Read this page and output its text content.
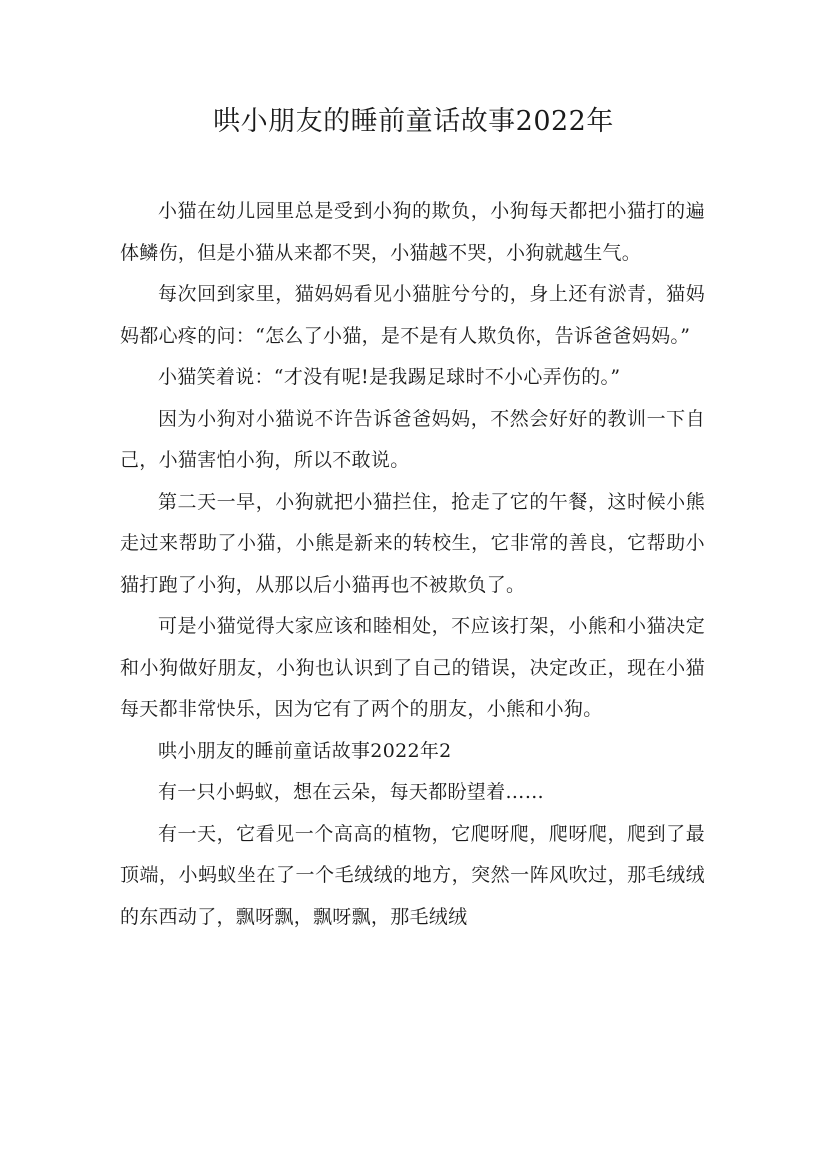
哄小朋友的睡前童话故事2022年

小猫在幼儿园里总是受到小狗的欺负，小狗每天都把小猫打的遍体鳞伤，但是小猫从来都不哭，小猫越不哭，小狗就越生气。

每次回到家里，猫妈妈看见小猫脏兮兮的，身上还有淤青，猫妈妈都心疼的问：“怎么了小猫，是不是有人欺负你，告诉爸爸妈妈。”

小猫笑着说：“才没有呢!是我踢足球时不小心弄伤的。”

因为小狗对小猫说不许告诉爸爸妈妈，不然会好好的教训一下自己，小猫害怕小狗，所以不敢说。

第二天一早，小狗就把小猫拦住，抢走了它的午餐，这时候小熊走过来帮助了小猫，小熊是新来的转校生，它非常的善良，它帮助小猫打跑了小狗，从那以后小猫再也不被欺负了。

可是小猫觉得大家应该和睦相处，不应该打架，小熊和小猫决定和小狗做好朋友，小狗也认识到了自己的错误，决定改正，现在小猫每天都非常快乐，因为它有了两个的朋友，小熊和小狗。

哄小朋友的睡前童话故事2022年2

有一只小蚂蚁，想在云朵，每天都盼望着……

有一天，它看见一个高高的植物，它爬呀爬，爬呀爬，爬到了最顶端，小蚂蚁坐在了一个毛绒绒的地方，突然一阵风吹过，那毛绒绒的东西动了，飘呀飘，飘呀飘，那毛绒绒
